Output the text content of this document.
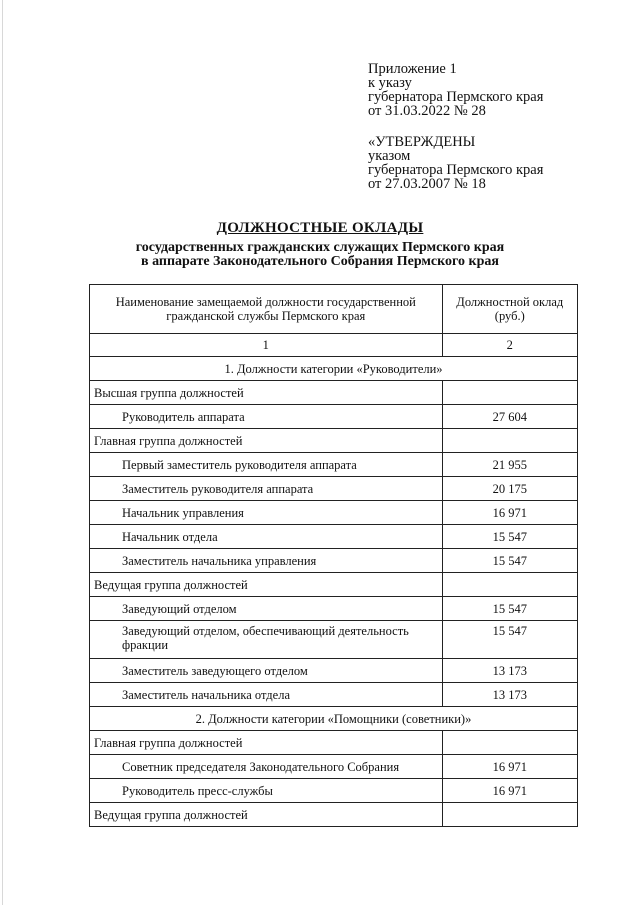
Приложение 1
к указу
губернатора Пермского края
от 31.03.2022 № 28
«УТВЕРЖДЕНЫ
указом
губернатора Пермского края
от 27.03.2007 № 18
ДОЛЖНОСТНЫЕ ОКЛАДЫ
государственных гражданских служащих Пермского края
в аппарате Законодательного Собрания Пермского края
Наименование замещаемой должности государственной гражданской службы Пермского края	Должностной оклад (руб.)
1	2
1. Должности категории «Руководители»	
Высшая группа должностей	
Руководитель аппарата	27 604
Главная группа должностей	
Первый заместитель руководителя аппарата	21 955
Заместитель руководителя аппарата	20 175
Начальник управления	16 971
Начальник отдела	15 547
Заместитель начальника управления	15 547
Ведущая группа должностей	
Заведующий отделом	15 547
Заведующий отделом, обеспечивающий деятельность фракции	15 547
Заместитель заведующего отделом	13 173
Заместитель начальника отдела	13 173
2. Должности категории «Помощники (советники)»	
Главная группа должностей	
Советник председателя Законодательного Собрания	16 971
Руководитель пресс-службы	16 971
Ведущая группа должностей	
